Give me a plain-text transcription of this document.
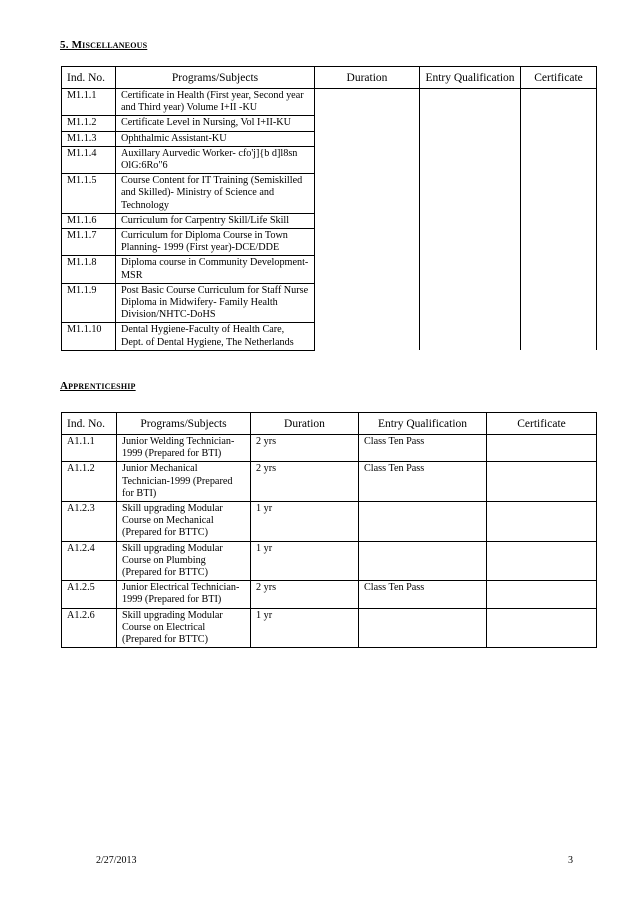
5. Miscellaneous
Ind. No.	Programs/Subjects	Duration	Entry Qualification	Certificate
M1.1.1	Certificate in Health (First year, Second year and Third year) Volume I+II -KU			
M1.1.2	Certificate Level in Nursing, Vol I+II-KU			
M1.1.3	Ophthalmic Assistant-KU			
M1.1.4	Auxillary Aurvedic Worker- cfo'j]{b d]l8sn OlG:6Ro"6			
M1.1.5	Course Content for IT Training (Semiskilled and Skilled)- Ministry of Science and Technology			
M1.1.6	Curriculum for Carpentry Skill/Life Skill			
M1.1.7	Curriculum for Diploma Course in Town Planning- 1999 (First year)-DCE/DDE			
M1.1.8	Diploma course in Community Development-MSR			
M1.1.9	Post Basic Course Curriculum for Staff Nurse Diploma in Midwifery- Family Health Division/NHTC-DoHS			
M1.1.10	Dental Hygiene-Faculty of Health Care, Dept. of Dental Hygiene, The Netherlands			
Apprenticeship
Ind. No.	Programs/Subjects	Duration	Entry Qualification	Certificate
A1.1.1	Junior Welding Technician-1999 (Prepared for BTI)	2 yrs	Class Ten Pass	
A1.1.2	Junior Mechanical Technician-1999 (Prepared for BTI)	2 yrs	Class Ten Pass	
A1.2.3	Skill upgrading Modular Course on Mechanical (Prepared for BTTC)	1 yr		
A1.2.4	Skill upgrading Modular Course on Plumbing (Prepared for BTTC)	1 yr		
A1.2.5	Junior Electrical Technician-1999 (Prepared for BTI)	2 yrs	Class Ten Pass	
A1.2.6	Skill upgrading Modular Course on Electrical (Prepared for BTTC)	1 yr		
2/27/2013	3
